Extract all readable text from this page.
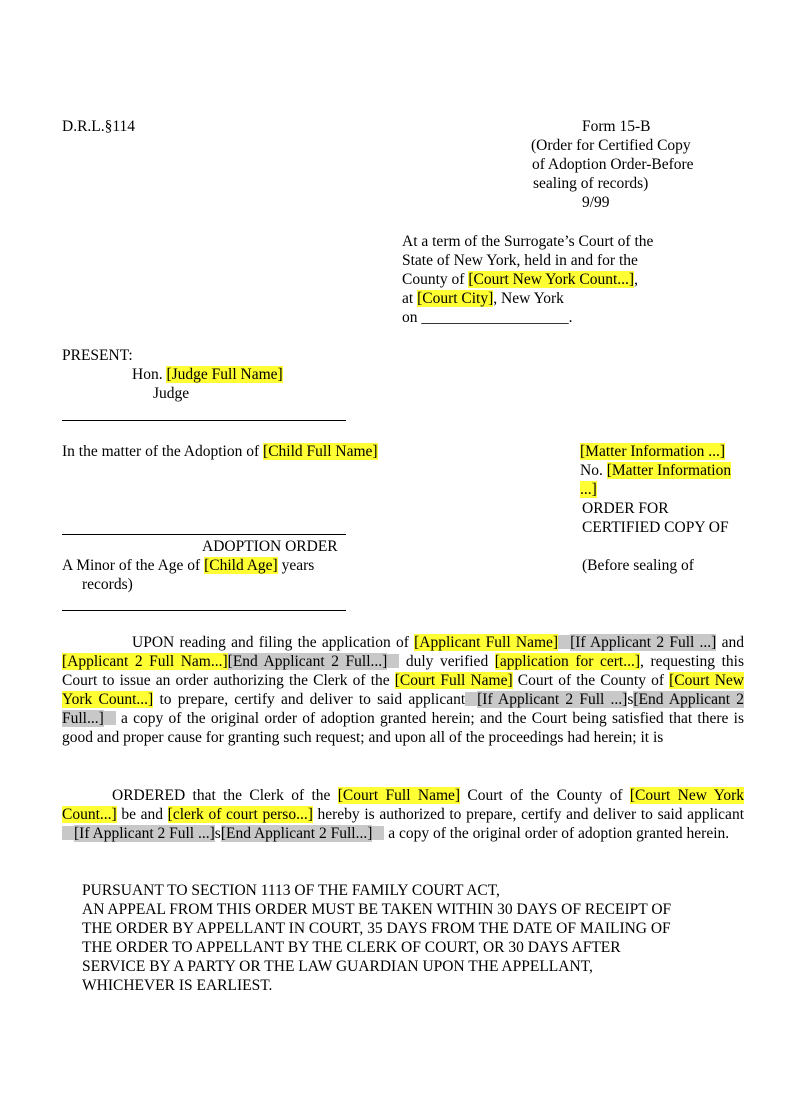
D.R.L.§114	Form 15-B
(Order for Certified Copy
of Adoption Order-Before
sealing of records)
9/99
At a term of the Surrogate’s Court of the
State of New York, held in and for the
County of [Court New York Count...],
at [Court City], New York
on ___________________.
PRESENT:
Hon. [Judge Full Name]
Judge
In the matter of the Adoption of [Child Full Name]	[Matter Information ...]
No. [Matter Information
...]
ORDER FOR
CERTIFIED COPY OF
ADOPTION ORDER
A Minor of the Age of [Child Age] years	(Before sealing of
records)
UPON reading and filing the application of [Applicant Full Name] [If Applicant 2 Full ...] and [Applicant 2 Full Nam...][End Applicant 2 Full...] duly verified [application for cert...], requesting this Court to issue an order authorizing the Clerk of the [Court Full Name] Court of the County of [Court New York Count...] to prepare, certify and deliver to said applicant [If Applicant 2 Full ...]s[End Applicant 2 Full...] a copy of the original order of adoption granted herein; and the Court being satisfied that there is good and proper cause for granting such request; and upon all of the proceedings had herein; it is
ORDERED that the Clerk of the [Court Full Name] Court of the County of [Court New York Count...] be and [clerk of court perso...] hereby is authorized to prepare, certify and deliver to said applicant [If Applicant 2 Full ...]s[End Applicant 2 Full...] a copy of the original order of adoption granted herein.
PURSUANT TO SECTION 1113 OF THE FAMILY COURT ACT,
AN APPEAL FROM THIS ORDER MUST BE TAKEN WITHIN 30 DAYS OF RECEIPT OF
THE ORDER BY APPELLANT IN COURT, 35 DAYS FROM THE DATE OF MAILING OF
THE ORDER TO APPELLANT BY THE CLERK OF COURT, OR 30 DAYS AFTER
SERVICE BY A PARTY OR THE LAW GUARDIAN UPON THE APPELLANT,
WHICHEVER IS EARLIEST.
